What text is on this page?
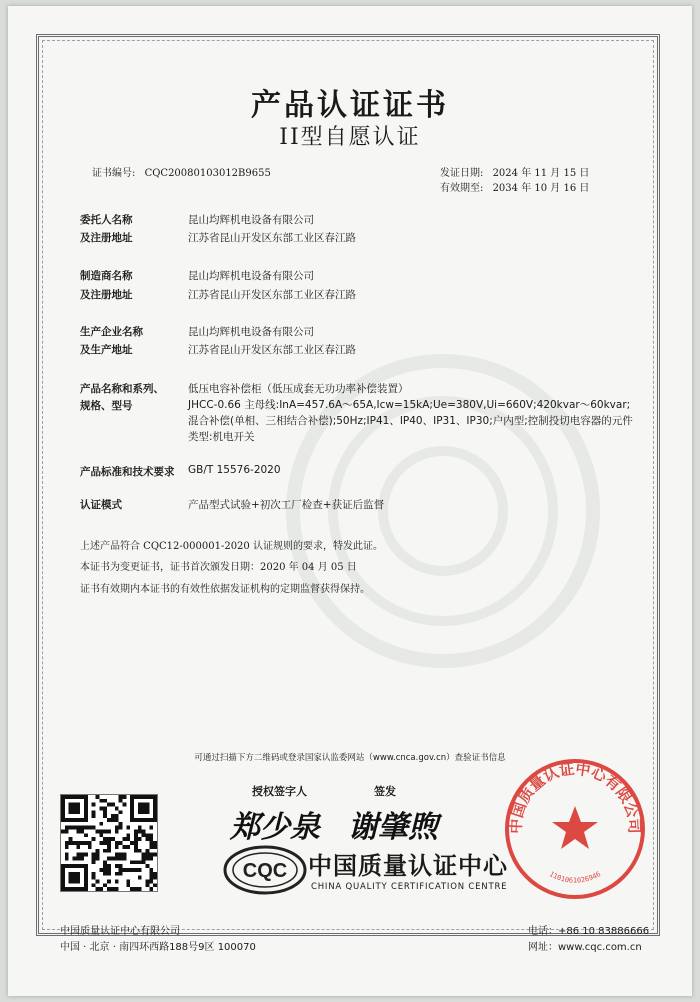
产品认证证书
II型自愿认证
证书编号: CQC20080103012B9655	发证日期: 2024 年 11 月 15 日
有效期至: 2034 年 10 月 16 日
委托人名称	昆山均辉机电设备有限公司
及注册地址	江苏省昆山开发区东部工业区春江路
制造商名称	昆山均辉机电设备有限公司
及注册地址	江苏省昆山开发区东部工业区春江路
生产企业名称	昆山均辉机电设备有限公司
及生产地址	江苏省昆山开发区东部工业区春江路
产品名称和系列、
规格、型号
低压电容补偿柜（低压成套无功功率补偿装置）
JHCC-0.66 主母线:InA=457.6A～65A,Icw=15kA;Ue=380V,Ui=660V;420kvar～60kvar;混合补偿(单相、三相结合补偿);50Hz;IP41、IP40、IP31、IP30;户内型;控制投切电容器的元件类型:机电开关
产品标准和技术要求 GB/T 15576-2020
认证模式	产品型式试验+初次工厂检查+获证后监督
上述产品符合 CQC12-000001-2020 认证规则的要求，特发此证。
本证书为变更证书，证书首次颁发日期：2020 年 04 月 05 日
证书有效期内本证书的有效性依据发证机构的定期监督获得保持。
可通过扫描下方二维码或登录国家认监委网站（www.cnca.gov.cn）查验证书信息
授权签字人	签发
郑少泉 谢肇煦
CQC 中国质量认证中心
CHINA QUALITY CERTIFICATION CENTRE
中国质量认证中心有限公司
1101061026946
中国质量认证中心有限公司
中国 · 北京 · 南四环西路188号9区 100070
电话：+86 10 83886666
网址：www.cqc.com.cn
